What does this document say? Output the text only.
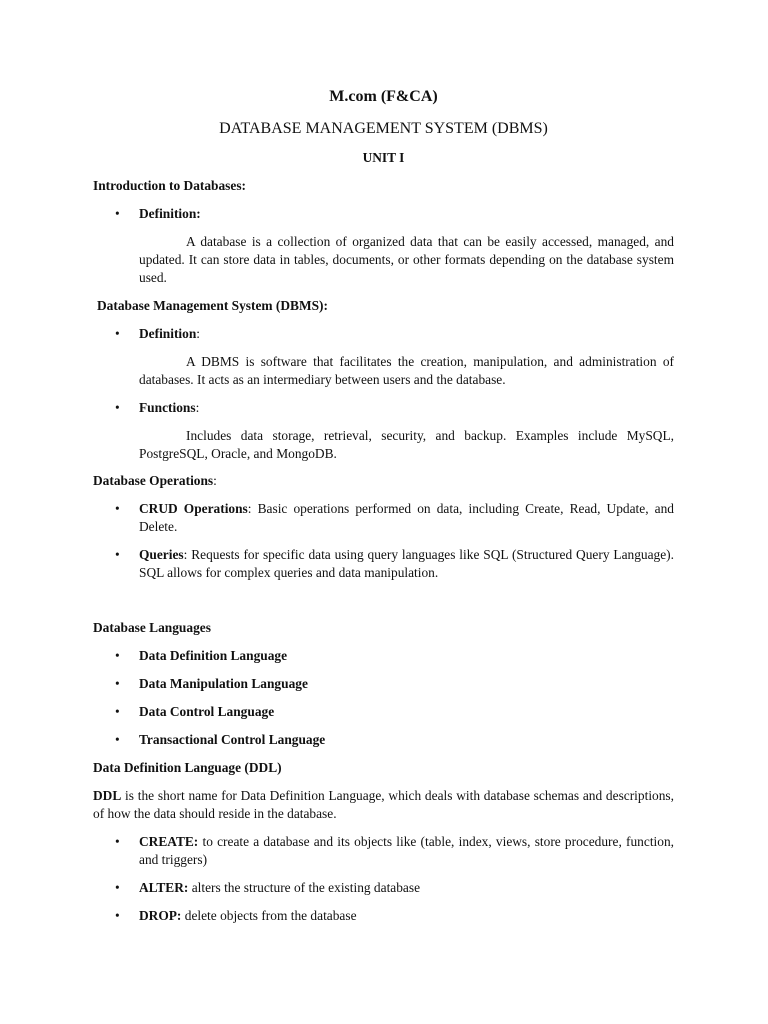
M.com (F&CA)

DATABASE MANAGEMENT SYSTEM (DBMS)

UNIT I

Introduction to Databases:

• Definition:

A database is a collection of organized data that can be easily accessed, managed, and updated. It can store data in tables, documents, or other formats depending on the database system used.

Database Management System (DBMS):

• Definition:

A DBMS is software that facilitates the creation, manipulation, and administration of databases. It acts as an intermediary between users and the database.

• Functions:

Includes data storage, retrieval, security, and backup. Examples include MySQL, PostgreSQL, Oracle, and MongoDB.

Database Operations:

• CRUD Operations: Basic operations performed on data, including Create, Read, Update, and Delete.
• Queries: Requests for specific data using query languages like SQL (Structured Query Language). SQL allows for complex queries and data manipulation.

Database Languages

• Data Definition Language
• Data Manipulation Language
• Data Control Language
• Transactional Control Language

Data Definition Language (DDL)

DDL is the short name for Data Definition Language, which deals with database schemas and descriptions, of how the data should reside in the database.

• CREATE: to create a database and its objects like (table, index, views, store procedure, function, and triggers)
• ALTER: alters the structure of the existing database
• DROP: delete objects from the database
